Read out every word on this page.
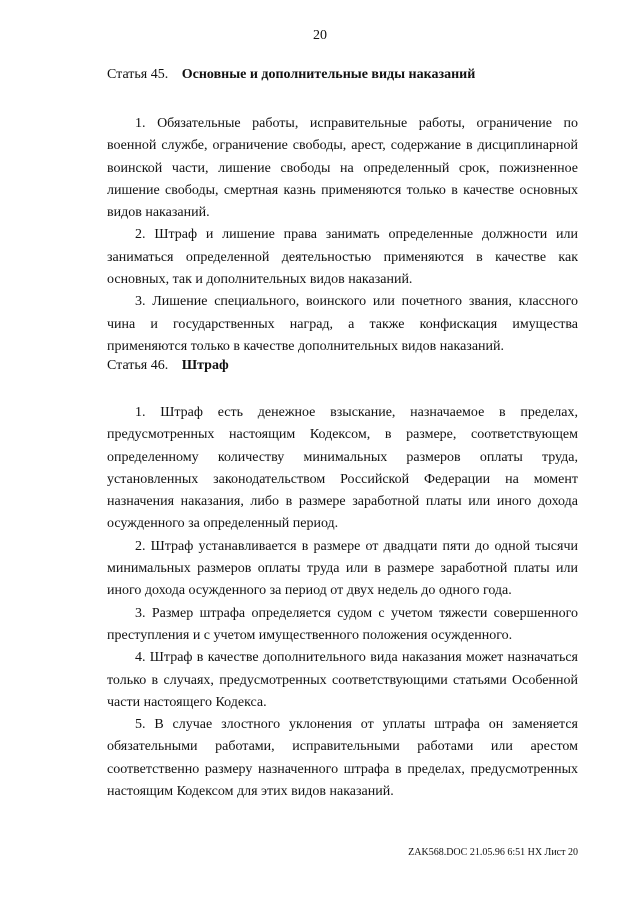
20
Статья 45. Основные и дополнительные виды наказаний

1. Обязательные работы, исправительные работы, ограничение по военной службе, ограничение свободы, арест, содержание в дисциплинарной воинской части, лишение свободы на определенный срок, пожизненное лишение свободы, смертная казнь применяются только в качестве основных видов наказаний.

2. Штраф и лишение права занимать определенные должности или заниматься определенной деятельностью применяются в качестве как основных, так и дополнительных видов наказаний.

3. Лишение специального, воинского или почетного звания, классного чина и государственных наград, а также конфискация имущества применяются только в качестве дополнительных видов наказаний.

Статья 46. Штраф

1. Штраф есть денежное взыскание, назначаемое в пределах, предусмотренных настоящим Кодексом, в размере, соответствующем определенному количеству минимальных размеров оплаты труда, установленных законодательством Российской Федерации на момент назначения наказания, либо в размере заработной платы или иного дохода осужденного за определенный период.

2. Штраф устанавливается в размере от двадцати пяти до одной тысячи минимальных размеров оплаты труда или в размере заработной платы или иного дохода осужденного за период от двух недель до одного года.

3. Размер штрафа определяется судом с учетом тяжести совершенного преступления и с учетом имущественного положения осужденного.

4. Штраф в качестве дополнительного вида наказания может назначаться только в случаях, предусмотренных соответствующими статьями Особенной части настоящего Кодекса.

5. В случае злостного уклонения от уплаты штрафа он заменяется обязательными работами, исправительными работами или арестом соответственно размеру назначенного штрафа в пределах, предусмотренных настоящим Кодексом для этих видов наказаний.

ZAK568.DOC 21.05.96 6:51 НХ Лист 20
